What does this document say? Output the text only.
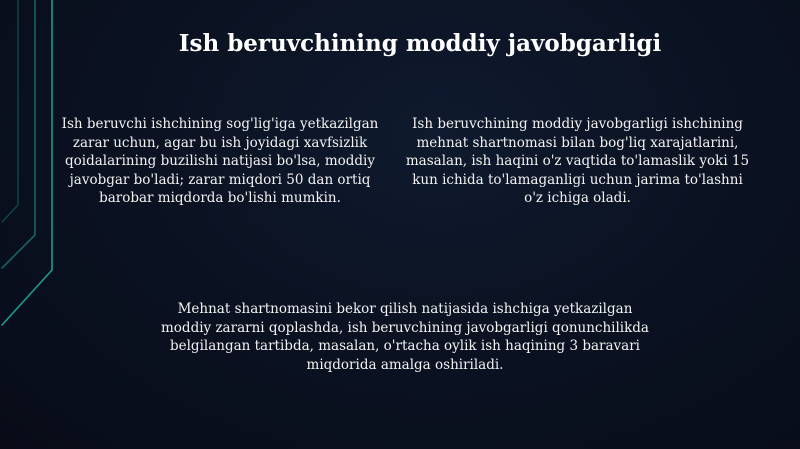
Ish beruvchining moddiy javobgarligi

Ish beruvchi ishchining sog'lig'iga yetkazilgan zarar uchun, agar bu ish joyidagi xavfsizlik qoidalarining buzilishi natijasi bo'lsa, moddiy javobgar bo'ladi; zarar miqdori 50 dan ortiq barobar miqdorda bo'lishi mumkin.

Ish beruvchining moddiy javobgarligi ishchining mehnat shartnomasi bilan bog'liq xarajatlarini, masalan, ish haqini o'z vaqtida to'lamaslik yoki 15 kun ichida to'lamaganligi uchun jarima to'lashni o'z ichiga oladi.

Mehnat shartnomasini bekor qilish natijasida ishchiga yetkazilgan moddiy zararni qoplashda, ish beruvchining javobgarligi qonunchilikda belgilangan tartibda, masalan, o'rtacha oylik ish haqining 3 baravari miqdorida amalga oshiriladi.
